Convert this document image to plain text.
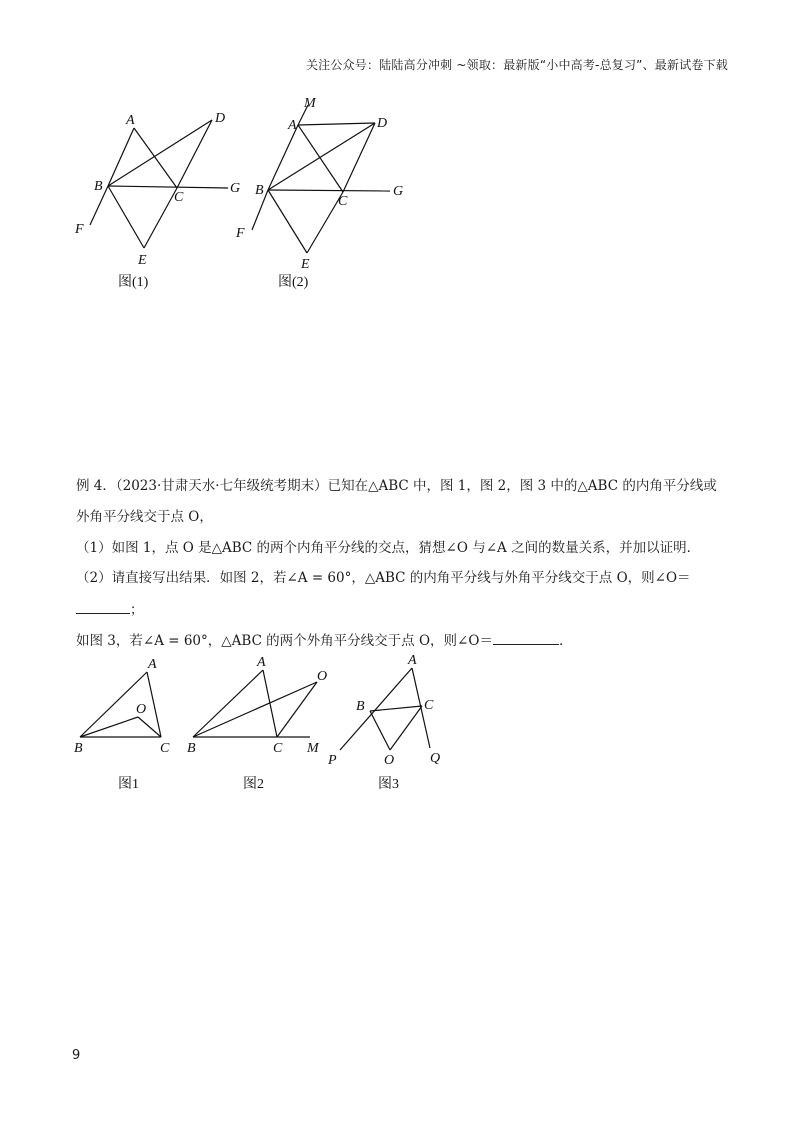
关注公众号：陆陆高分冲刺 ~领取：最新版“小中高考-总复习”、最新试卷下载
A	D
B
C
G
F
E
图(1)
M
A	D
B
C
G
F
E
图(2)
例 4．（2023·甘肃天水·七年级统考期末）已知在△ABC 中，图 1，图 2，图 3 中的△ABC 的内角平分线或
外角平分线交于点 O，
（1）如图 1，点 O 是△ABC 的两个内角平分线的交点，猜想∠O 与∠A 之间的数量关系，并加以证明．
（2）请直接写出结果．如图 2，若∠A = 60°，△ABC 的内角平分线与外角平分线交于点 O，则∠O＝
；
如图 3，若∠A = 60°，△ABC 的两个外角平分线交于点 O，则∠O＝	．
A
O
B	C
图1
A
O
B	C M
图2
A
B	C
P	O	Q
图3
9
